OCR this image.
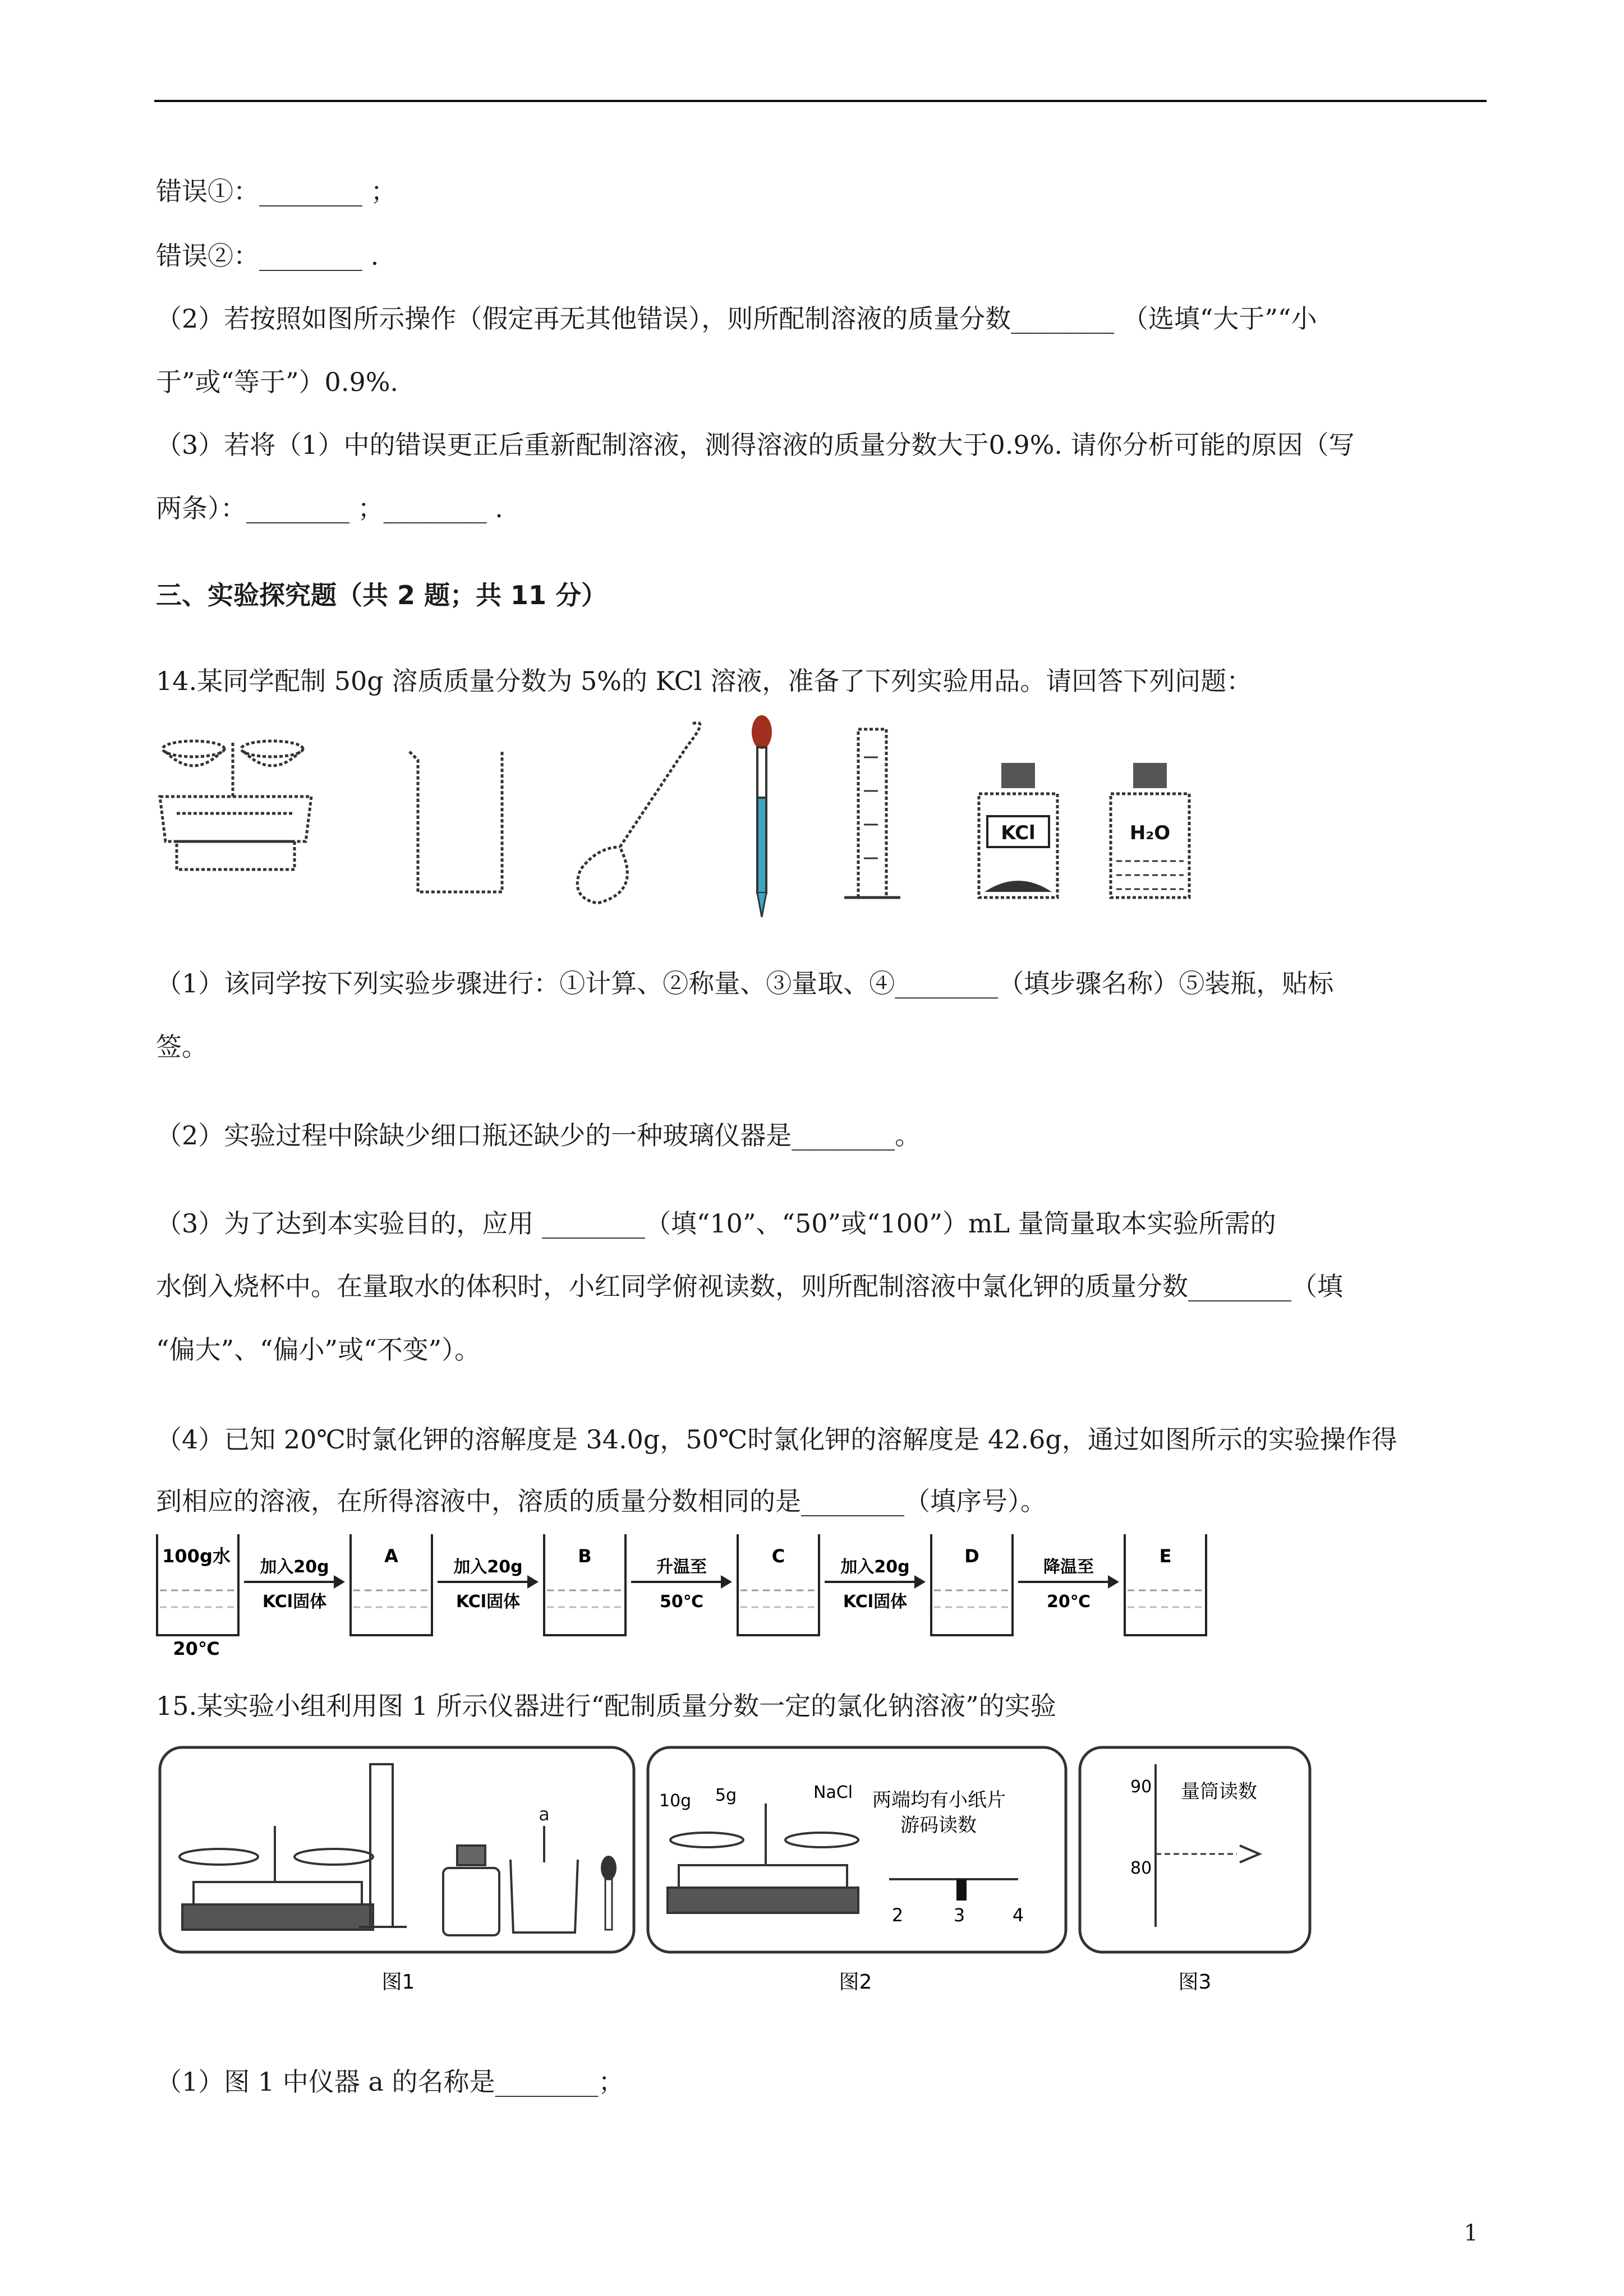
错误①：________ ；
错误②：________ .
（2）若按照如图所示操作（假定再无其他错误），则所配制溶液的质量分数________ （选填“大于”“小
于”或“等于”）0.9%.
（3）若将（1）中的错误更正后重新配制溶液，测得溶液的质量分数大于0.9%. 请你分析可能的原因（写
两条）：________ ；________ .
三、实验探究题（共 2 题；共 11 分）
14.某同学配制 50g 溶质质量分数为 5%的 KCl 溶液，准备了下列实验用品。请回答下列问题：
KCl	H₂O
（1）该同学按下列实验步骤进行：①计算、②称量、③量取、④________（填步骤名称）⑤装瓶，贴标
签。
（2）实验过程中除缺少细口瓶还缺少的一种玻璃仪器是________。
（3）为了达到本实验目的，应用 ________（填“10”、“50”或“100”）mL 量筒量取本实验所需的
水倒入烧杯中。在量取水的体积时，小红同学俯视读数，则所配制溶液中氯化钾的质量分数________（填
“偏大”、“偏小”或“不变”）。
（4）已知 20℃时氯化钾的溶解度是 34.0g，50℃时氯化钾的溶解度是 42.6g，通过如图所示的实验操作得
到相应的溶液，在所得溶液中，溶质的质量分数相同的是________（填序号）。
100g水
20℃
加入20g
KCl固体
A
加入20g
KCl固体
B
升温至
50℃
C
加入20g
KCl固体
D
降温至
20℃
E
15.某实验小组利用图 1 所示仪器进行“配制质量分数一定的氯化钠溶液”的实验
a
图1
10g 5g	NaCl 两端均有小纸片
游码读数
2	3	4
图2
90
80
量筒读数
图3
（1）图 1 中仪器 a 的名称是________；
1
